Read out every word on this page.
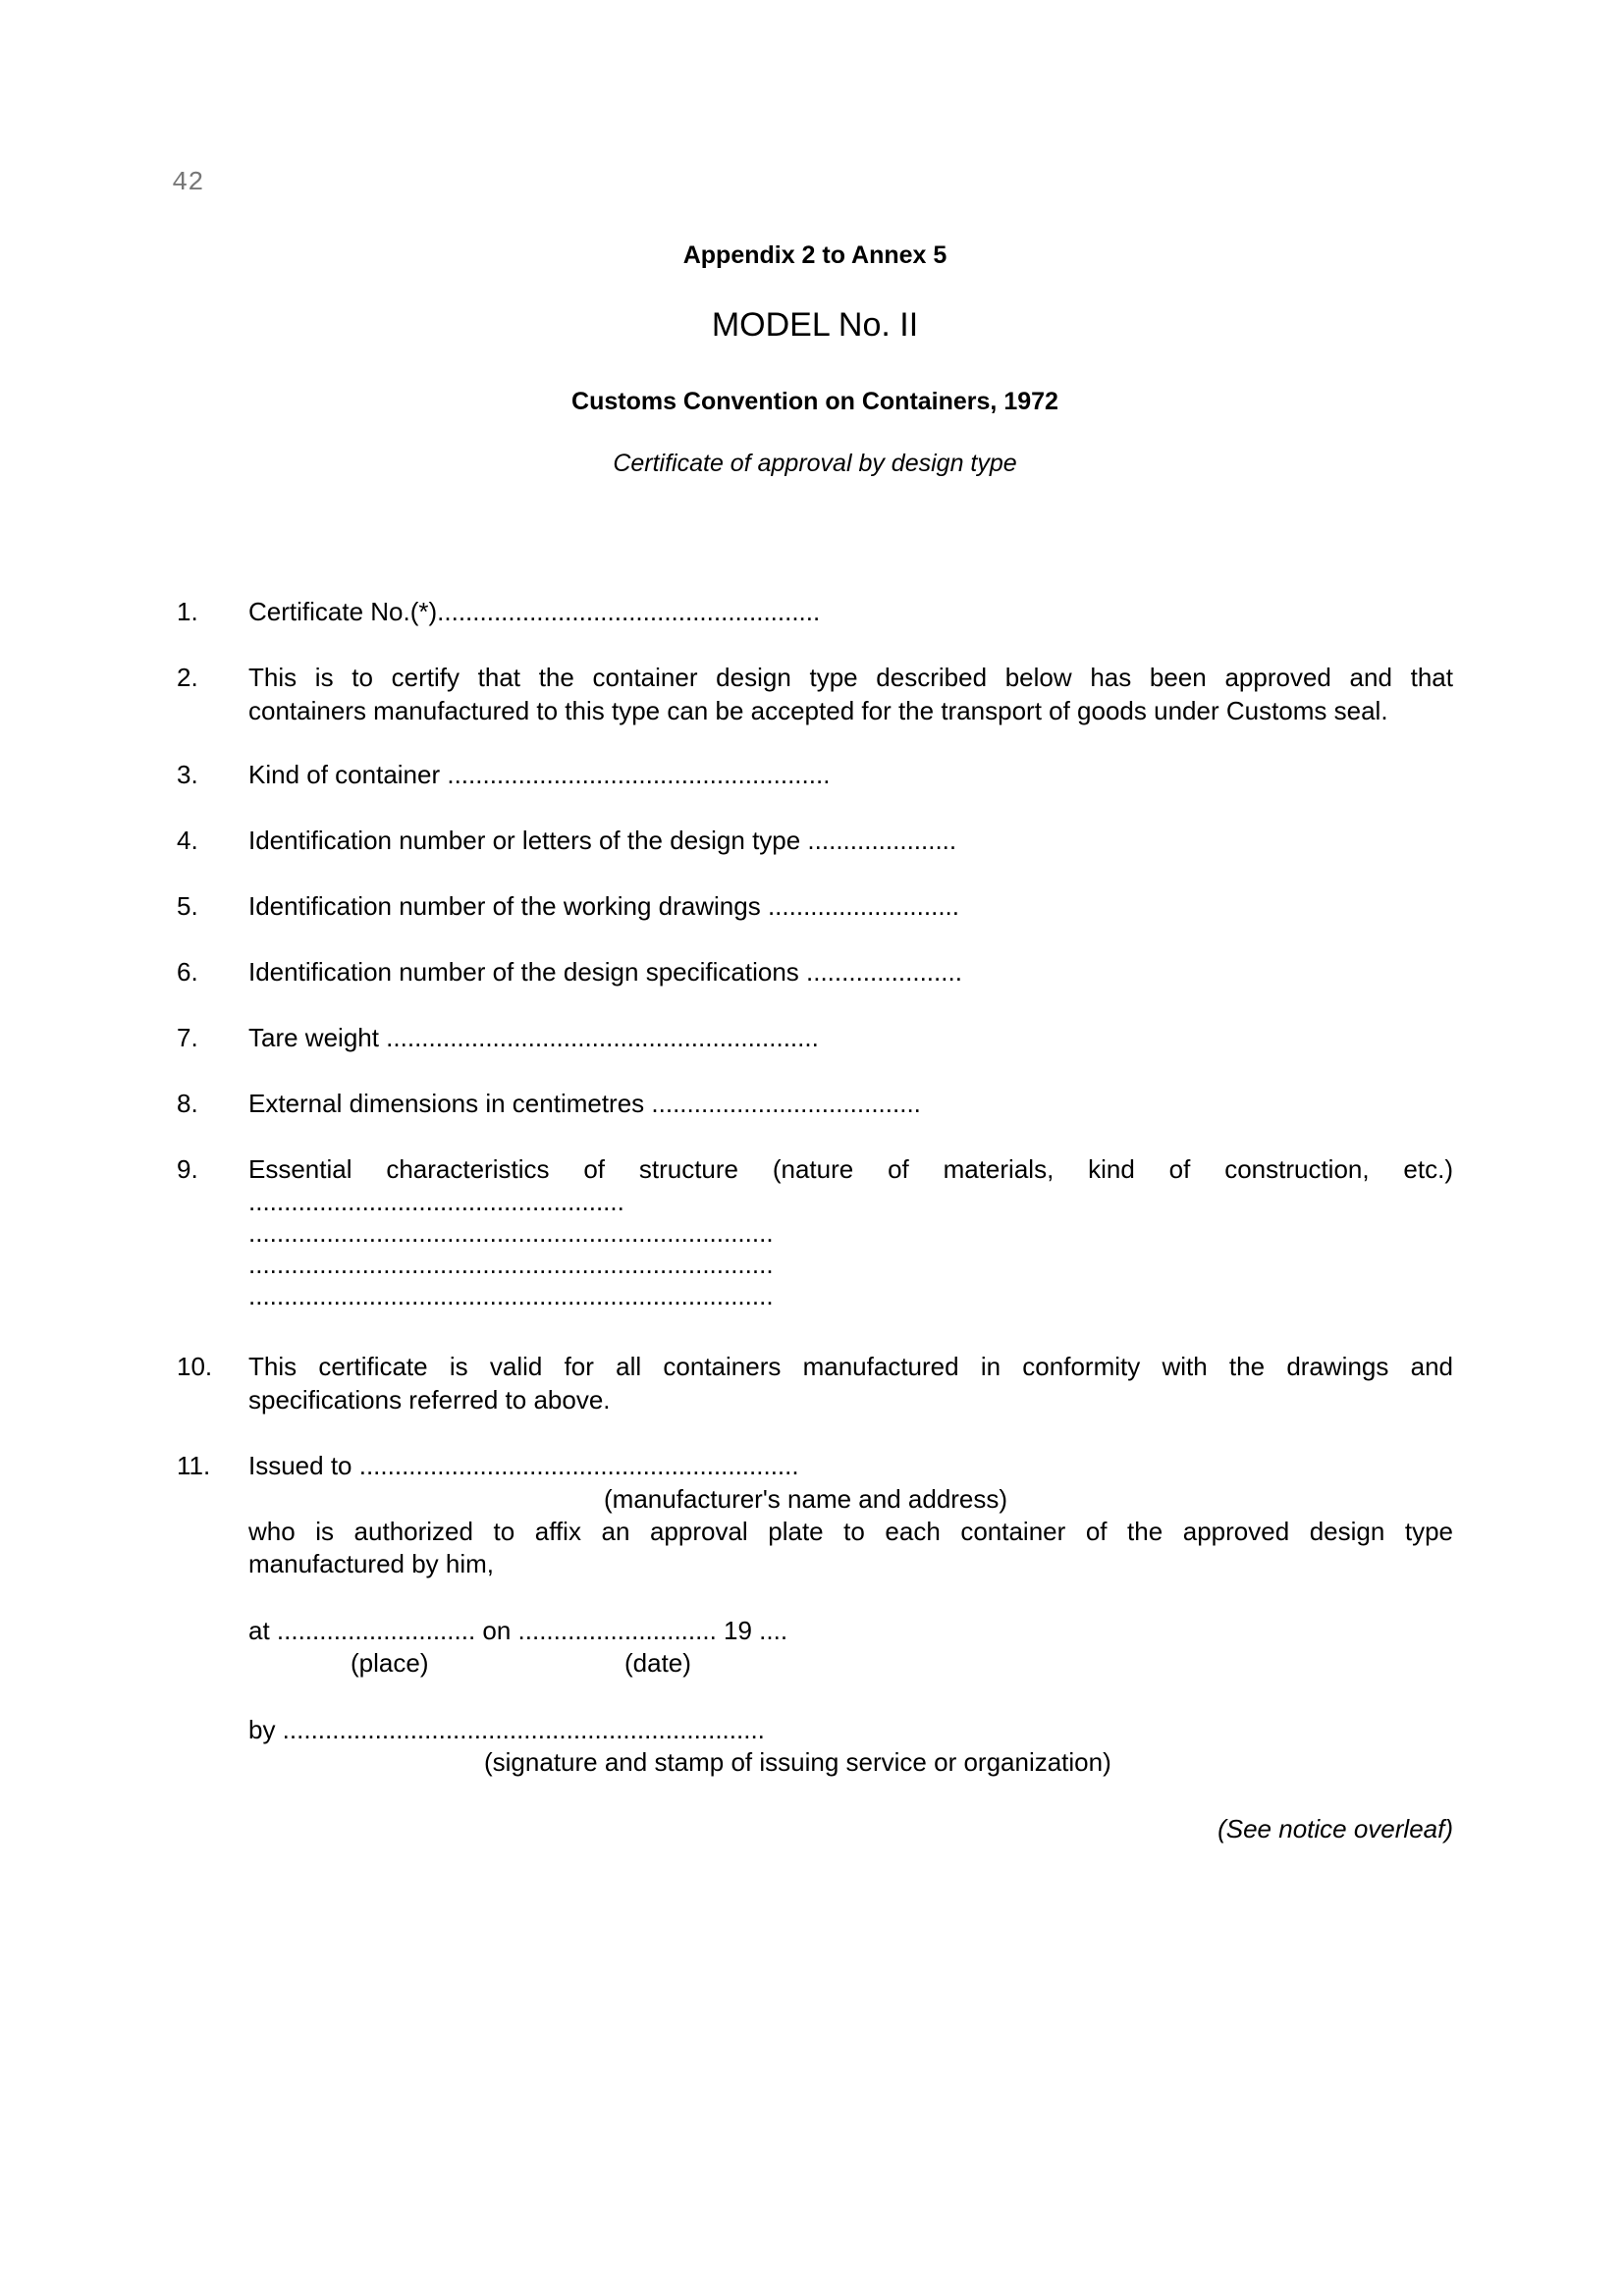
42
Appendix 2 to Annex 5
MODEL No. II
Customs Convention on Containers, 1972
Certificate of approval by design type
1. Certificate No.(*)......................................................
2. This is to certify that the container design type described below has been approved and that
containers manufactured to this type can be accepted for the transport of goods under Customs seal.
3. Kind of container ......................................................
4. Identification number or letters of the design type .....................
5. Identification number of the working drawings ...........................
6. Identification number of the design specifications ......................
7. Tare weight .............................................................
8. External dimensions in centimetres ......................................
9. Essential characteristics of structure (nature of materials, kind of construction, etc.)
.....................................................
..........................................................................
..........................................................................
..........................................................................
10. This certificate is valid for all containers manufactured in conformity with the drawings and
specifications referred to above.
11. Issued to ..............................................................
(manufacturer's name and address)
who is authorized to affix an approval plate to each container of the approved design type
manufactured by him,
at ............................ on ............................ 19 ....
(place)	(date)
by ....................................................................
(signature and stamp of issuing service or organization)
(See notice overleaf)
